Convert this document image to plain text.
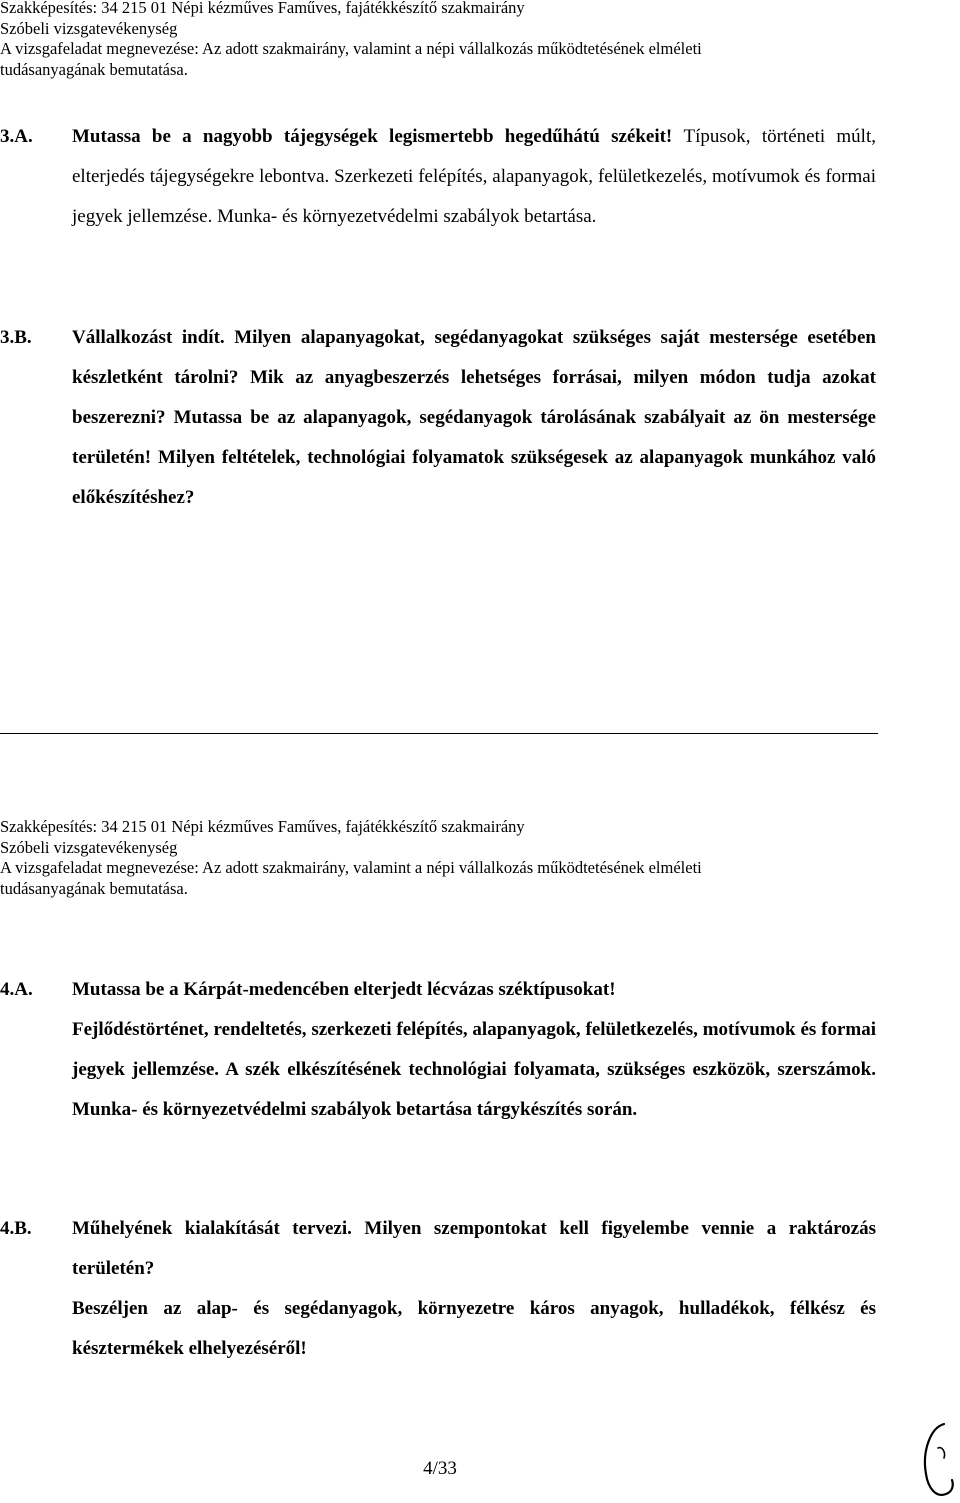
Szakképesítés: 34 215 01 Népi kézműves Faműves, fajátékkészítő szakmairány
Szóbeli vizsgatevékenység
A vizsgafeladat megnevezése: Az adott szakmairány, valamint a népi vállalkozás működtetésének elméleti
tudásanyagának bemutatása.
3.A.	Mutassa be a nagyobb tájegységek legismertebb hegedűhátú székeit! Típusok, történeti múlt, elterjedés tájegységekre lebontva. Szerkezeti felépítés, alapanyagok, felületkezelés, motívumok és formai jegyek jellemzése. Munka- és környezetvédelmi szabályok betartása.
3.B.	Vállalkozást indít. Milyen alapanyagokat, segédanyagokat szükséges saját mestersége esetében készletként tárolni? Mik az anyagbeszerzés lehetséges forrásai, milyen módon tudja azokat beszerezni? Mutassa be az alapanyagok, segédanyagok tárolásának szabályait az ön mestersége területén! Milyen feltételek, technológiai folyamatok szükségesek az alapanyagok munkához való előkészítéshez?
Szakképesítés: 34 215 01 Népi kézműves Faműves, fajátékkészítő szakmairány
Szóbeli vizsgatevékenység
A vizsgafeladat megnevezése: Az adott szakmairány, valamint a népi vállalkozás működtetésének elméleti
tudásanyagának bemutatása.
4.A.	Mutassa be a Kárpát-medencében elterjedt lécvázas széktípusokat!
Fejlődéstörténet, rendeltetés, szerkezeti felépítés, alapanyagok, felületkezelés, motívumok és formai jegyek jellemzése. A szék elkészítésének technológiai folyamata, szükséges eszközök, szerszámok. Munka- és környezetvédelmi szabályok betartása tárgykészítés során.
4.B.	Műhelyének kialakítását tervezi. Milyen szempontokat kell figyelembe vennie a raktározás területén?
Beszéljen az alap- és segédanyagok, környezetre káros anyagok, hulladékok, félkész és késztermékek elhelyezéséről!
4/33
